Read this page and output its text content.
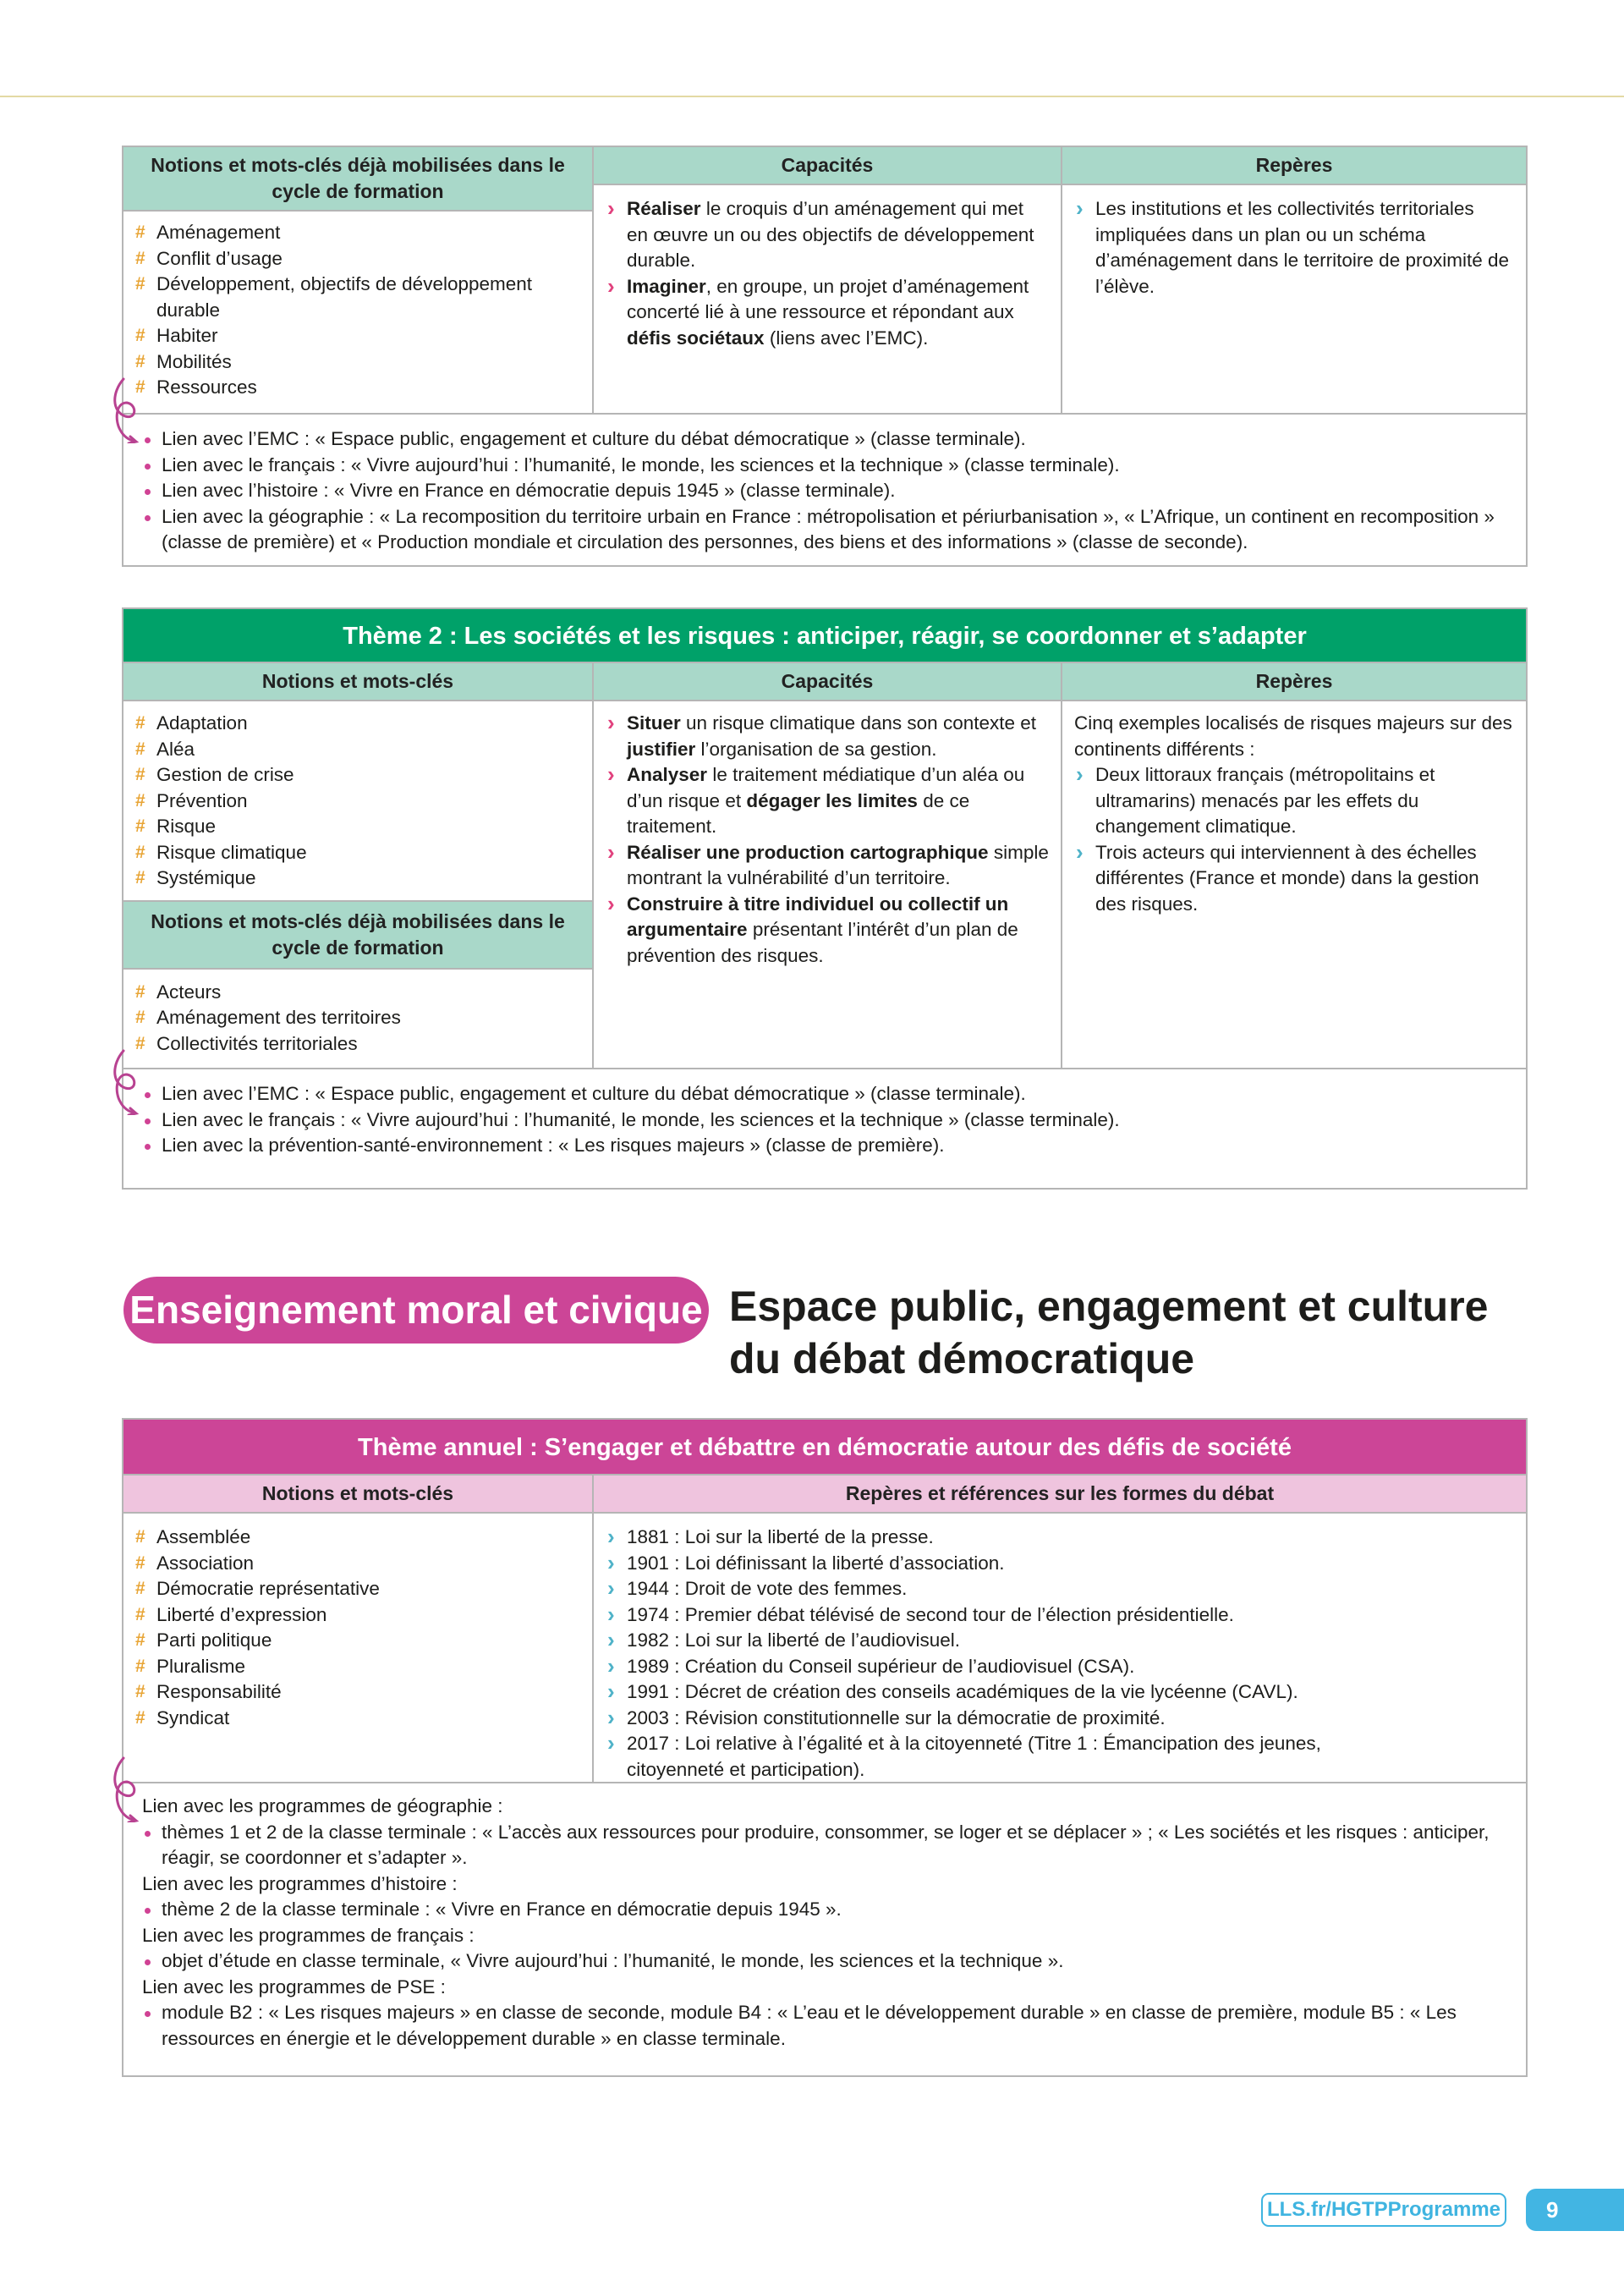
Notions et mots-clés déjà mobilisées dans le cycle de formation
# Aménagement
# Conflit d’usage
# Développement, objectifs de développement durable
# Habiter
# Mobilités
# Ressources
Capacités
› Réaliser le croquis d’un aménagement qui met en œuvre un ou des objectifs de développement durable.
› Imaginer, en groupe, un projet d’aménagement concerté lié à une ressource et répondant aux défis sociétaux (liens avec l’EMC).
Repères
› Les institutions et les collectivités territoriales impliquées dans un plan ou un schéma d’aménagement dans le territoire de proximité de l’élève.
Lien avec l’EMC : « Espace public, engagement et culture du débat démocratique » (classe terminale).
Lien avec le français : « Vivre aujourd’hui : l’humanité, le monde, les sciences et la technique » (classe terminale).
Lien avec l’histoire : « Vivre en France en démocratie depuis 1945 » (classe terminale).
Lien avec la géographie : « La recomposition du territoire urbain en France : métropolisation et périurbanisation », « L’Afrique, un continent en recomposition » (classe de première) et « Production mondiale et circulation des personnes, des biens et des informations » (classe de seconde).
Thème 2 : Les sociétés et les risques : anticiper, réagir, se coordonner et s’adapter
Notions et mots-clés
# Adaptation
# Aléa
# Gestion de crise
# Prévention
# Risque
# Risque climatique
# Systémique
Notions et mots-clés déjà mobilisées dans le cycle de formation
# Acteurs
# Aménagement des territoires
# Collectivités territoriales
Capacités
› Situer un risque climatique dans son contexte et justifier l’organisation de sa gestion.
› Analyser le traitement médiatique d’un aléa ou d’un risque et dégager les limites de ce traitement.
› Réaliser une production cartographique simple montrant la vulnérabilité d’un territoire.
› Construire à titre individuel ou collectif un argumentaire présentant l’intérêt d’un plan de prévention des risques.
Repères

Cinq exemples localisés de risques majeurs sur des continents différents :

› Deux littoraux français (métropolitains et ultramarins) menacés par les effets du changement climatique.
› Trois acteurs qui interviennent à des échelles différentes (France et monde) dans la gestion des risques.
Lien avec l’EMC : « Espace public, engagement et culture du débat démocratique » (classe terminale).
Lien avec le français : « Vivre aujourd’hui : l’humanité, le monde, les sciences et la technique » (classe terminale).
Lien avec la prévention-santé-environnement : « Les risques majeurs » (classe de première).
Enseignement moral et civique Espace public, engagement et culture
du débat démocratique
Thème annuel : S’engager et débattre en démocratie autour des défis de société
Notions et mots-clés
# Assemblée
# Association
# Démocratie représentative
# Liberté d’expression
# Parti politique
# Pluralisme
# Responsabilité
# Syndicat
Repères et références sur les formes du débat
› 1881 : Loi sur la liberté de la presse.
› 1901 : Loi définissant la liberté d’association.
› 1944 : Droit de vote des femmes.
› 1974 : Premier débat télévisé de second tour de l’élection présidentielle.
› 1982 : Loi sur la liberté de l’audiovisuel.
› 1989 : Création du Conseil supérieur de l’audiovisuel (CSA).
› 1991 : Décret de création des conseils académiques de la vie lycéenne (CAVL).
› 2003 : Révision constitutionnelle sur la démocratie de proximité.
› 2017 : Loi relative à l’égalité et à la citoyenneté (Titre 1 : Émancipation des jeunes, citoyenneté et participation).

Lien avec les programmes de géographie :

thèmes 1 et 2 de la classe terminale : « L’accès aux ressources pour produire, consommer, se loger et se déplacer » ; « Les sociétés et les risques : anticiper, réagir, se coordonner et s’adapter ».

Lien avec les programmes d’histoire :

thème 2 de la classe terminale : « Vivre en France en démocratie depuis 1945 ».

Lien avec les programmes de français :

objet d’étude en classe terminale, « Vivre aujourd’hui : l’humanité, le monde, les sciences et la technique ».

Lien avec les programmes de PSE :

module B2 : « Les risques majeurs » en classe de seconde, module B4 : « L’eau et le développement durable » en classe de première, module B5 : « Les ressources en énergie et le développement durable » en classe terminale.
LLS.fr/HGTPProgramme	9
